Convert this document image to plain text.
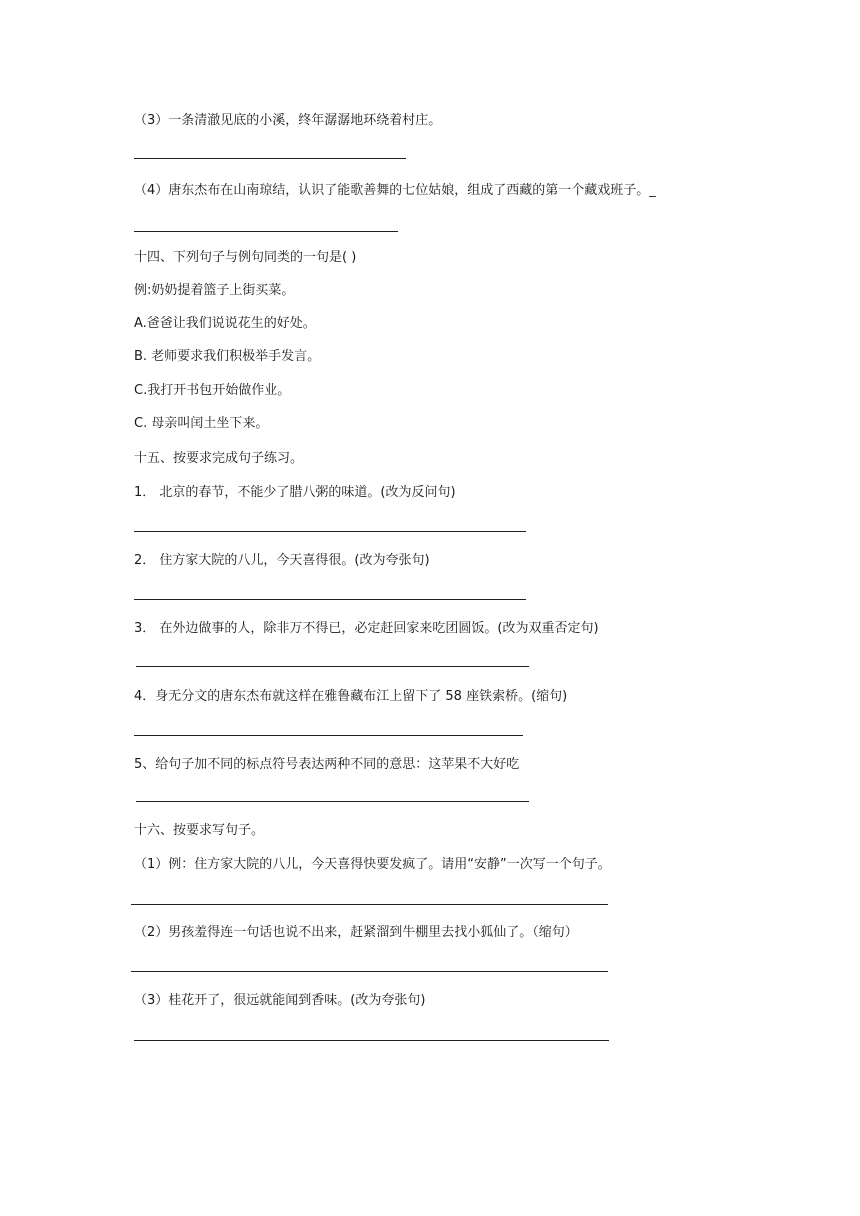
（3）一条清澈见底的小溪，终年潺潺地环绕着村庄。
（4）唐东杰布在山南琼结，认识了能歌善舞的七位姑娘，组成了西藏的第一个藏戏班子。_
十四、下列句子与例句同类的一句是( )
例:奶奶提着篮子上街买菜。
A.爸爸让我们说说花生的好处。
B. 老师要求我们积极举手发言。
C.我打开书包开始做作业。
C. 母亲叫闰土坐下来。
十五、按要求完成句子练习。
1． 北京的春节，不能少了腊八粥的味道。(改为反问句)
2． 住方家大院的八儿，今天喜得很。(改为夸张句)
3． 在外边做事的人，除非万不得已，必定赶回家来吃团圆饭。(改为双重否定句)
4．身无分文的唐东杰布就这样在雅鲁藏布江上留下了 58 座铁索桥。(缩句)
5、给句子加不同的标点符号表达两种不同的意思：这苹果不大好吃
十六、按要求写句子。
（1）例：住方家大院的八儿，今天喜得快要发疯了。请用“安静”一次写一个句子。
（2）男孩羞得连一句话也说不出来，赶紧溜到牛棚里去找小狐仙了。（缩句）
（3）桂花开了，很远就能闻到香味。(改为夸张句)
